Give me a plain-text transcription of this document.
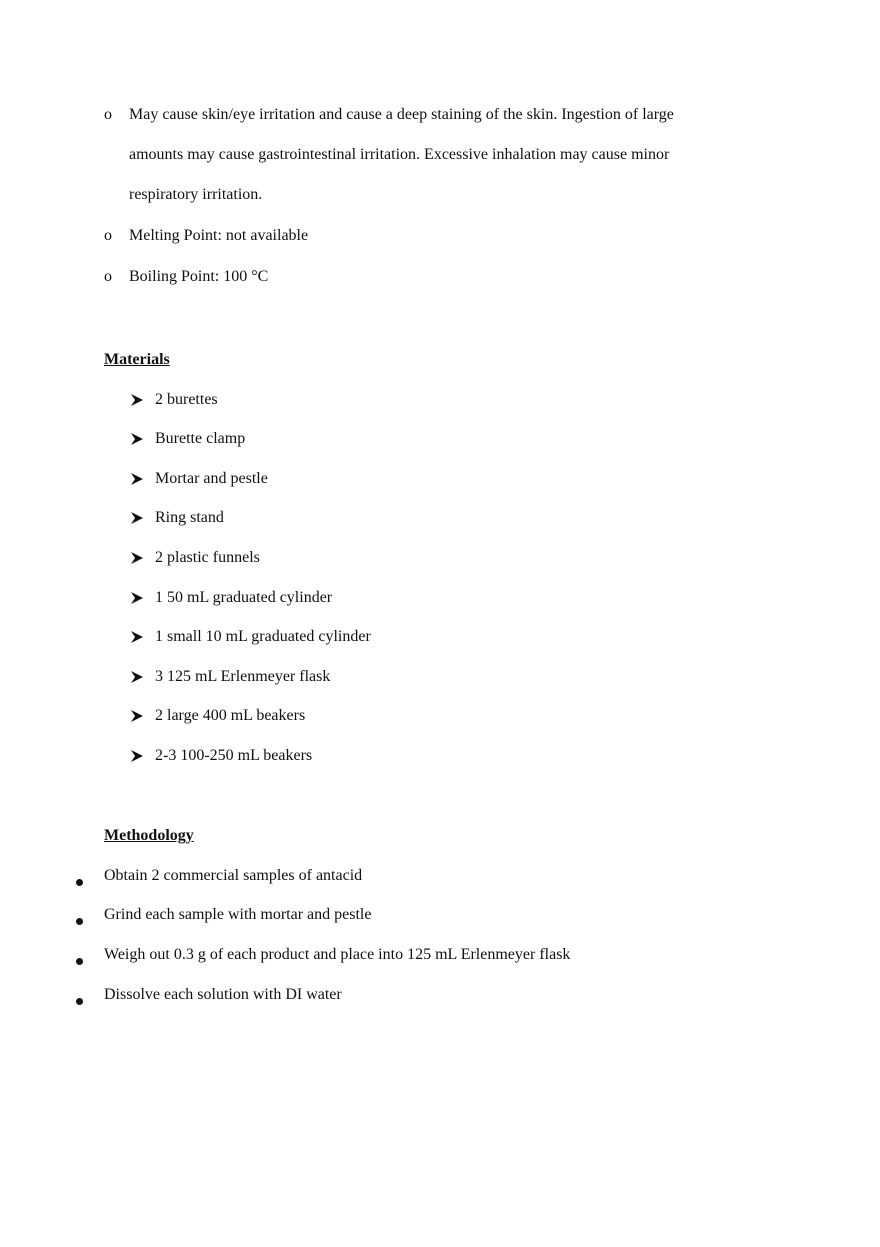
o May cause skin/eye irritation and cause a deep staining of the skin. Ingestion of large
amounts may cause gastrointestinal irritation. Excessive inhalation may cause minor
respiratory irritation.
o Melting Point: not available
o Boiling Point: 100 °C
Materials
2 burettes
Burette clamp
Mortar and pestle
Ring stand
2 plastic funnels
1 50 mL graduated cylinder
1 small 10 mL graduated cylinder
3 125 mL Erlenmeyer flask
2 large 400 mL beakers
2-3 100-250 mL beakers
Methodology
Obtain 2 commercial samples of antacid
Grind each sample with mortar and pestle
Weigh out 0.3 g of each product and place into 125 mL Erlenmeyer flask
Dissolve each solution with DI water
